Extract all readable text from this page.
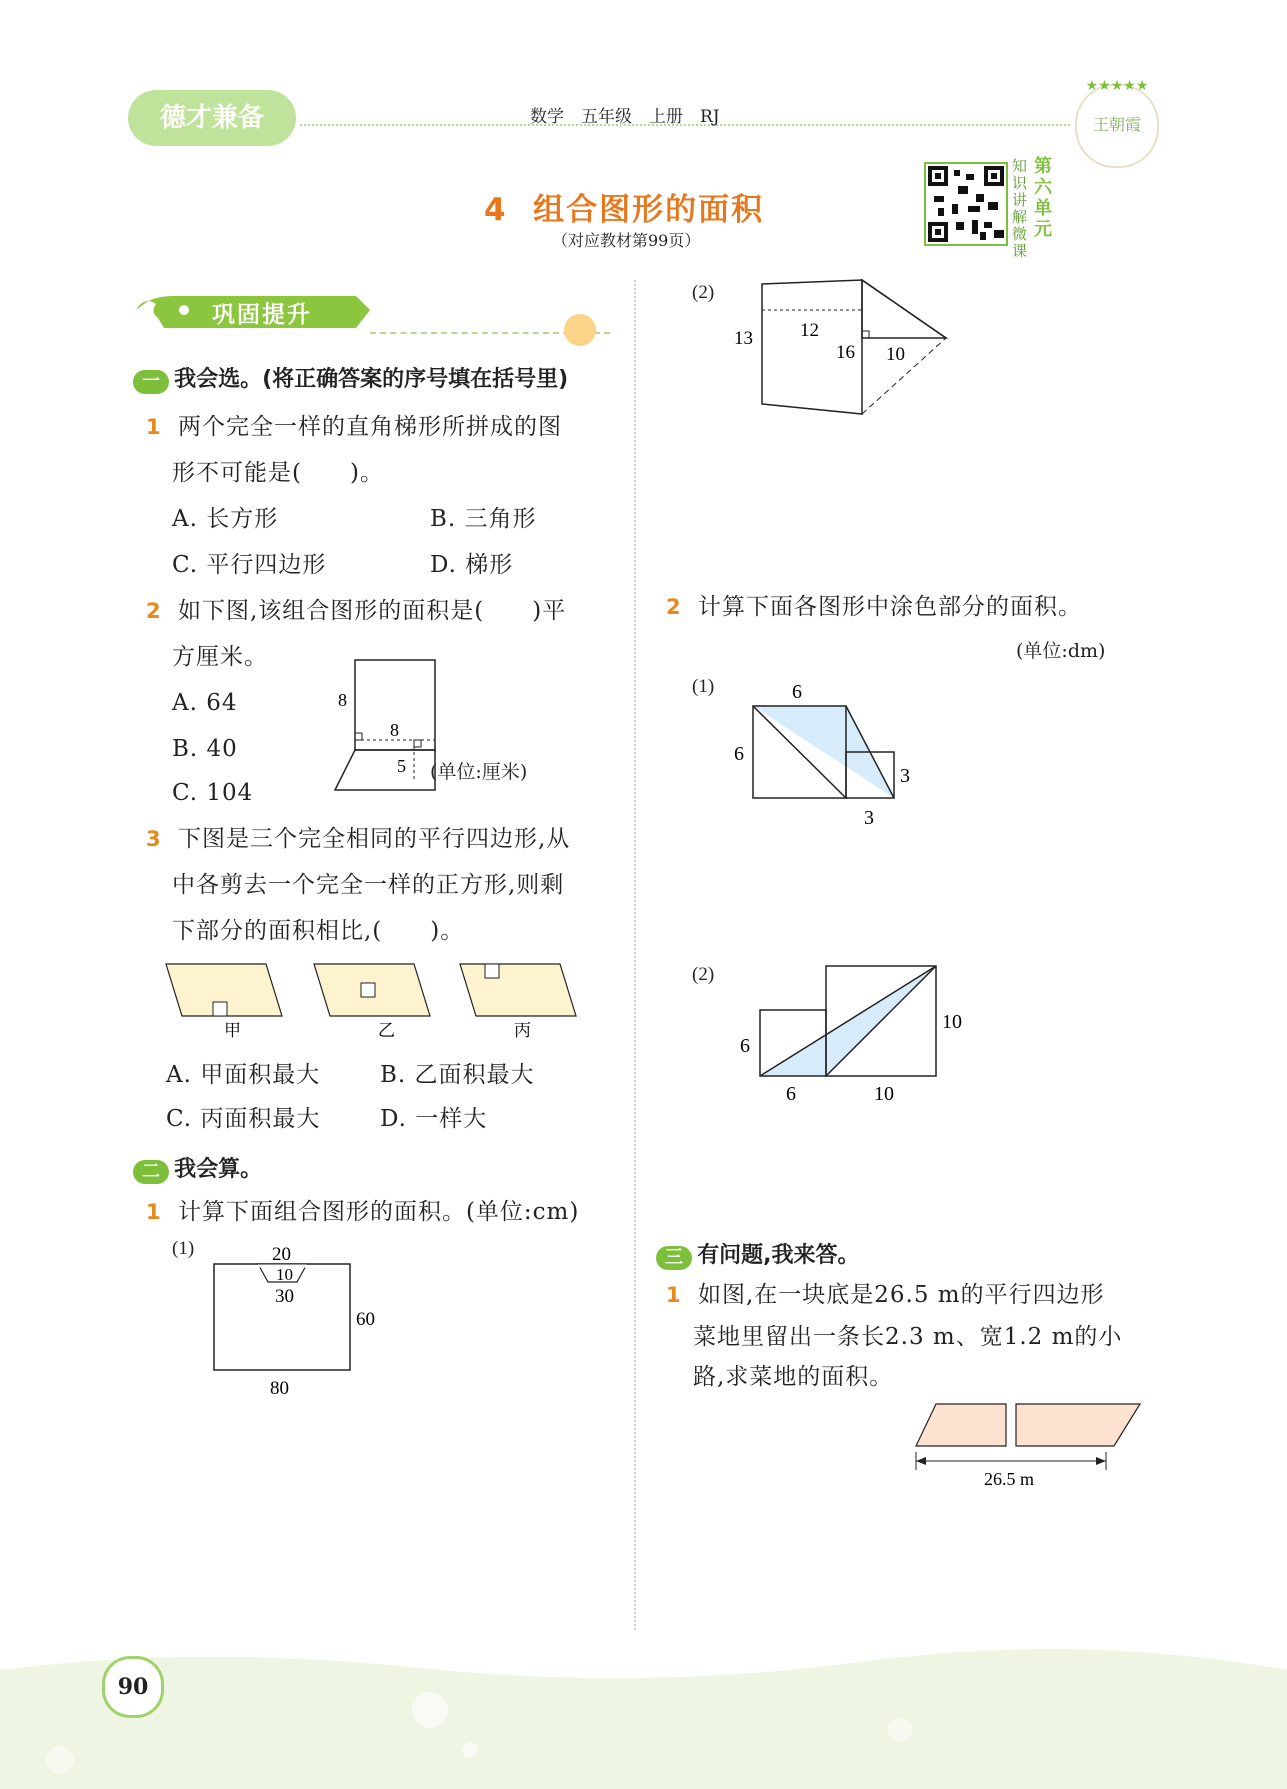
德才兼备	数学　五年级　上册　RJ
★★★★★
王朝霞
4  组合图形的面积
（对应教材第99页）
知识讲解微课
第六单元
巩固提升
一 我会选。(将正确答案的序号填在括号里)
1 两个完全一样的直角梯形所拼成的图
形不可能是(　　)。
A. 长方形	B. 三角形
C. 平行四边形	D. 梯形
2 如下图,该组合图形的面积是(　　)平
方厘米。
A. 64
B. 40
C. 104
8
8
5 (单位:厘米)
3 下图是三个完全相同的平行四边形,从
中各剪去一个完全一样的正方形,则剩
下部分的面积相比,(　　)。
甲	乙	丙
A. 甲面积最大	B. 乙面积最大
C. 丙面积最大	D. 一样大
二 我会算。
1 计算下面组合图形的面积。(单位:cm)
(1)	20
10
30
60
80
(2)
13 12
16 10
2 计算下面各图形中涂色部分的面积。
(单位:dm)
(1)	6
6
3
3
(2)
10
6
6	10
三 有问题,我来答。
1 如图,在一块底是26.5 m的平行四边形
菜地里留出一条长2.3 m、宽1.2 m的小
路,求菜地的面积。
26.5 m
90
